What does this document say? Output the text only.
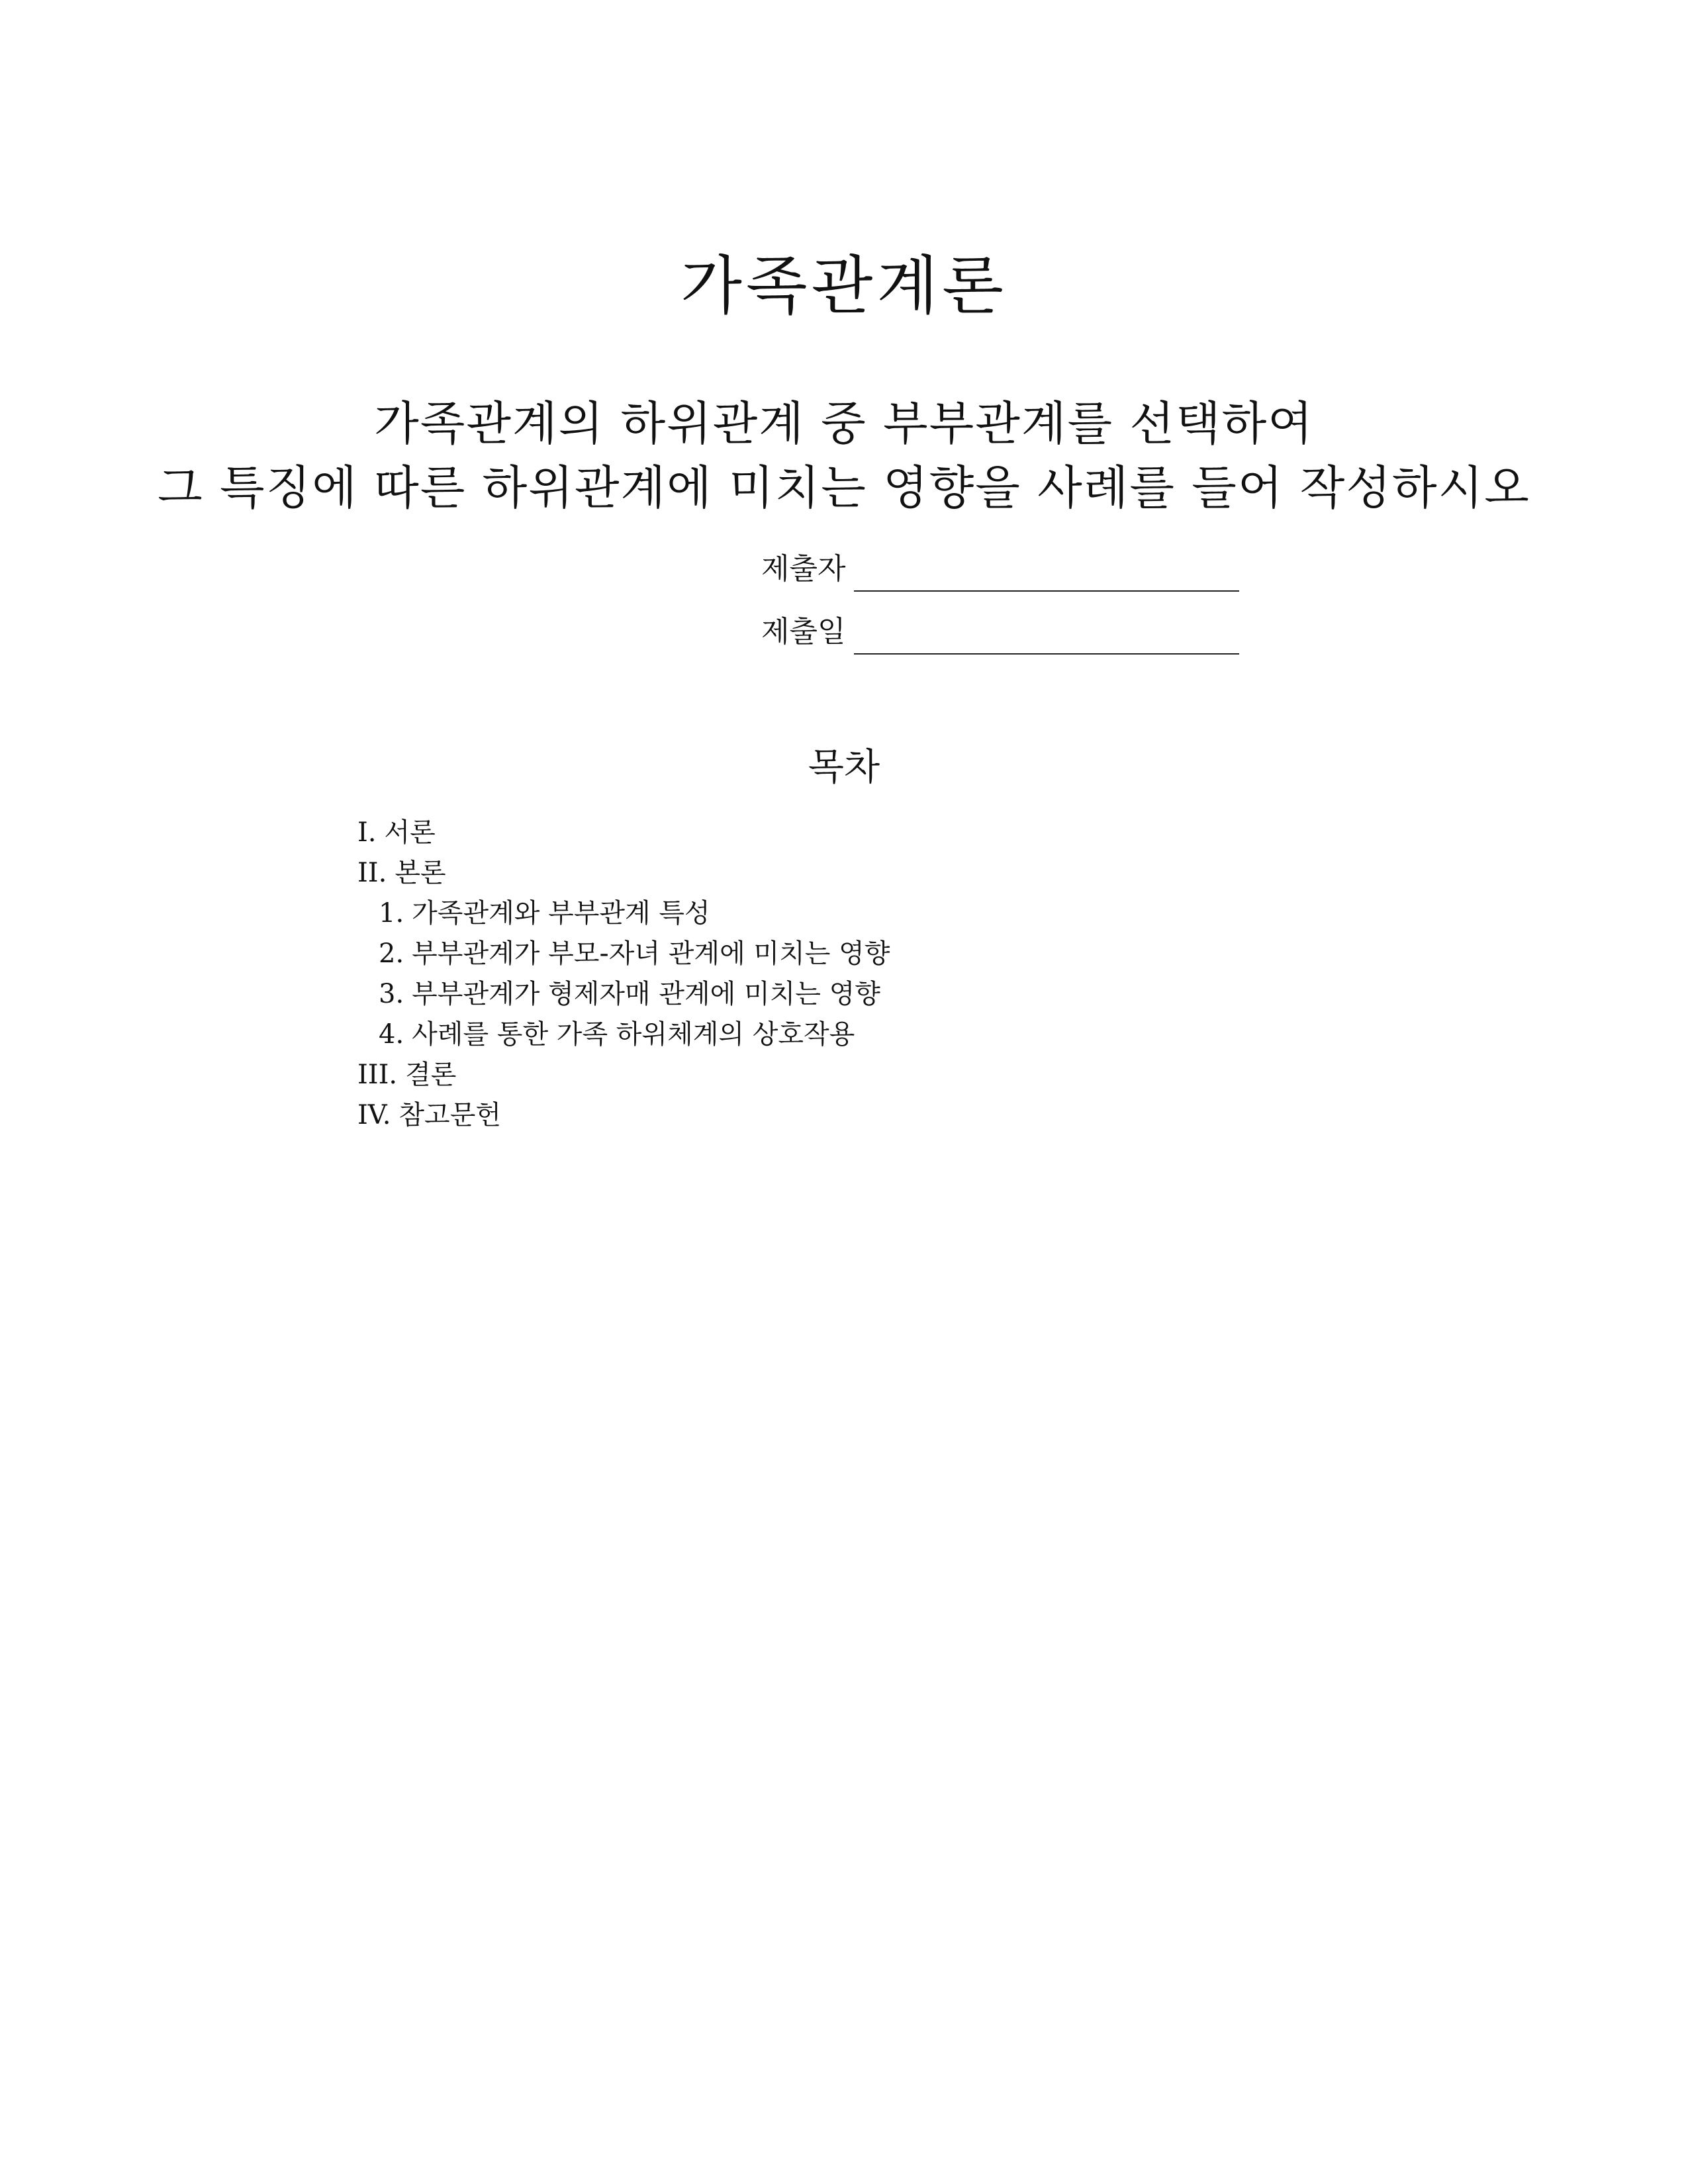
가족관계론

가족관계의 하위관계 중 부부관계를 선택하여

그 특징에 따른 하위관계에 미치는 영향을 사례를 들어 작성하시오

제출자
제출일
목차
I. 서론
II. 본론
1. 가족관계와 부부관계 특성
2. 부부관계가 부모-자녀 관계에 미치는 영향
3. 부부관계가 형제자매 관계에 미치는 영향
4. 사례를 통한 가족 하위체계의 상호작용
III. 결론
IV. 참고문헌
